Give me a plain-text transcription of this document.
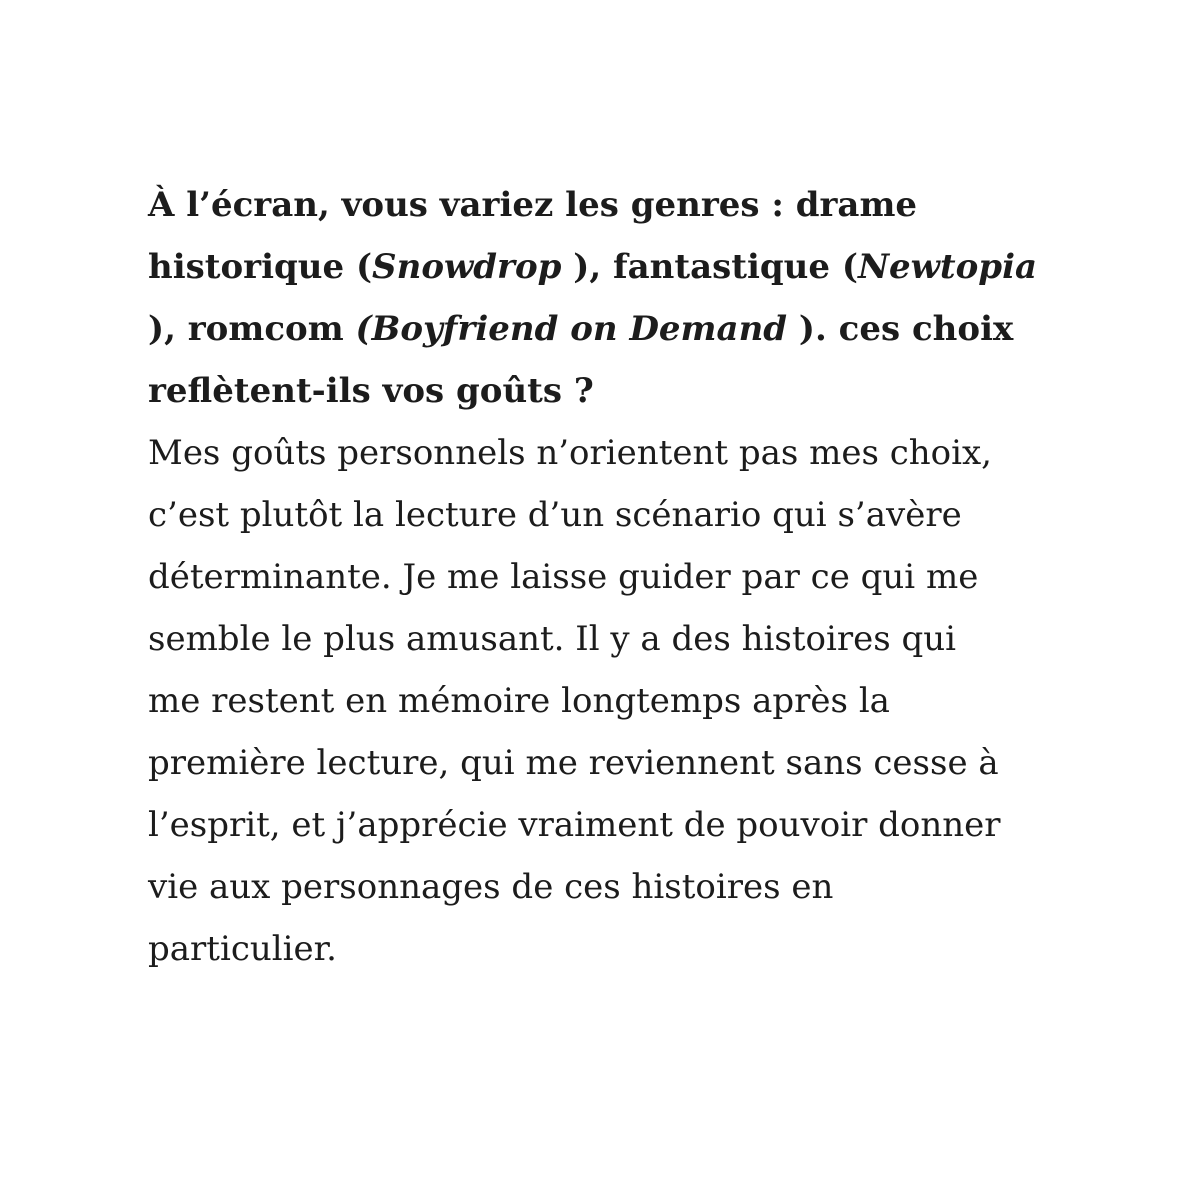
À l’écran, vous variez les genres : drame
historique (Snowdrop ), fantastique (Newtopia
), romcom (Boyfriend on Demand ). ces choix
reflètent-ils vos goûts ?

Mes goûts personnels n’orientent pas mes choix,
c’est plutôt la lecture d’un scénario qui s’avère
déterminante. Je me laisse guider par ce qui me
semble le plus amusant. Il y a des histoires qui
me restent en mémoire longtemps après la
première lecture, qui me reviennent sans cesse à
l’esprit, et j’apprécie vraiment de pouvoir donner
vie aux personnages de ces histoires en
particulier.
